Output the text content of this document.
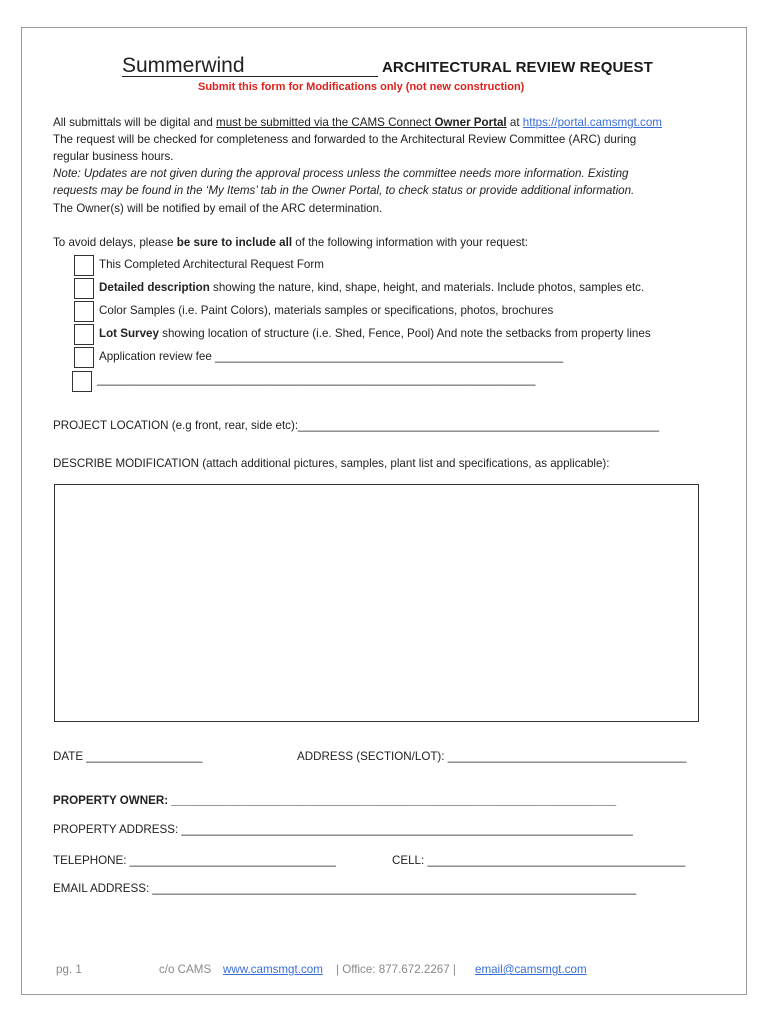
Summerwind	ARCHITECTURAL REVIEW REQUEST
Submit this form for Modifications only (not new construction)
All submittals will be digital and must be submitted via the CAMS Connect Owner Portal at https://portal.camsmgt.com
The request will be checked for completeness and forwarded to the Architectural Review Committee (ARC) during
regular business hours.
Note: Updates are not given during the approval process unless the committee needs more information. Existing
requests may be found in the ‘My Items’ tab in the Owner Portal, to check status or provide additional information.
The Owner(s) will be notified by email of the ARC determination.
To avoid delays, please be sure to include all of the following information with your request:
This Completed Architectural Request Form
Detailed description showing the nature, kind, shape, height, and materials. Include photos, samples etc.
Color Samples (i.e. Paint Colors), materials samples or specifications, photos, brochures
Lot Survey showing location of structure (i.e. Shed, Fence, Pool) And note the setbacks from property lines
Application review fee ______________________________________________________
____________________________________________________________________
PROJECT LOCATION (e.g front, rear, side etc):________________________________________________________
DESCRIBE MODIFICATION (attach additional pictures, samples, plant list and specifications, as applicable):
DATE __________________	ADDRESS (SECTION/LOT): _____________________________________
PROPERTY OWNER: _____________________________________________________________________
PROPERTY ADDRESS: ______________________________________________________________________
TELEPHONE: ________________________________	CELL: ________________________________________
EMAIL ADDRESS: ___________________________________________________________________________
pg. 1	c/o CAMS www.camsmgt.com | Office: 877.672.2267 | email@camsmgt.com
